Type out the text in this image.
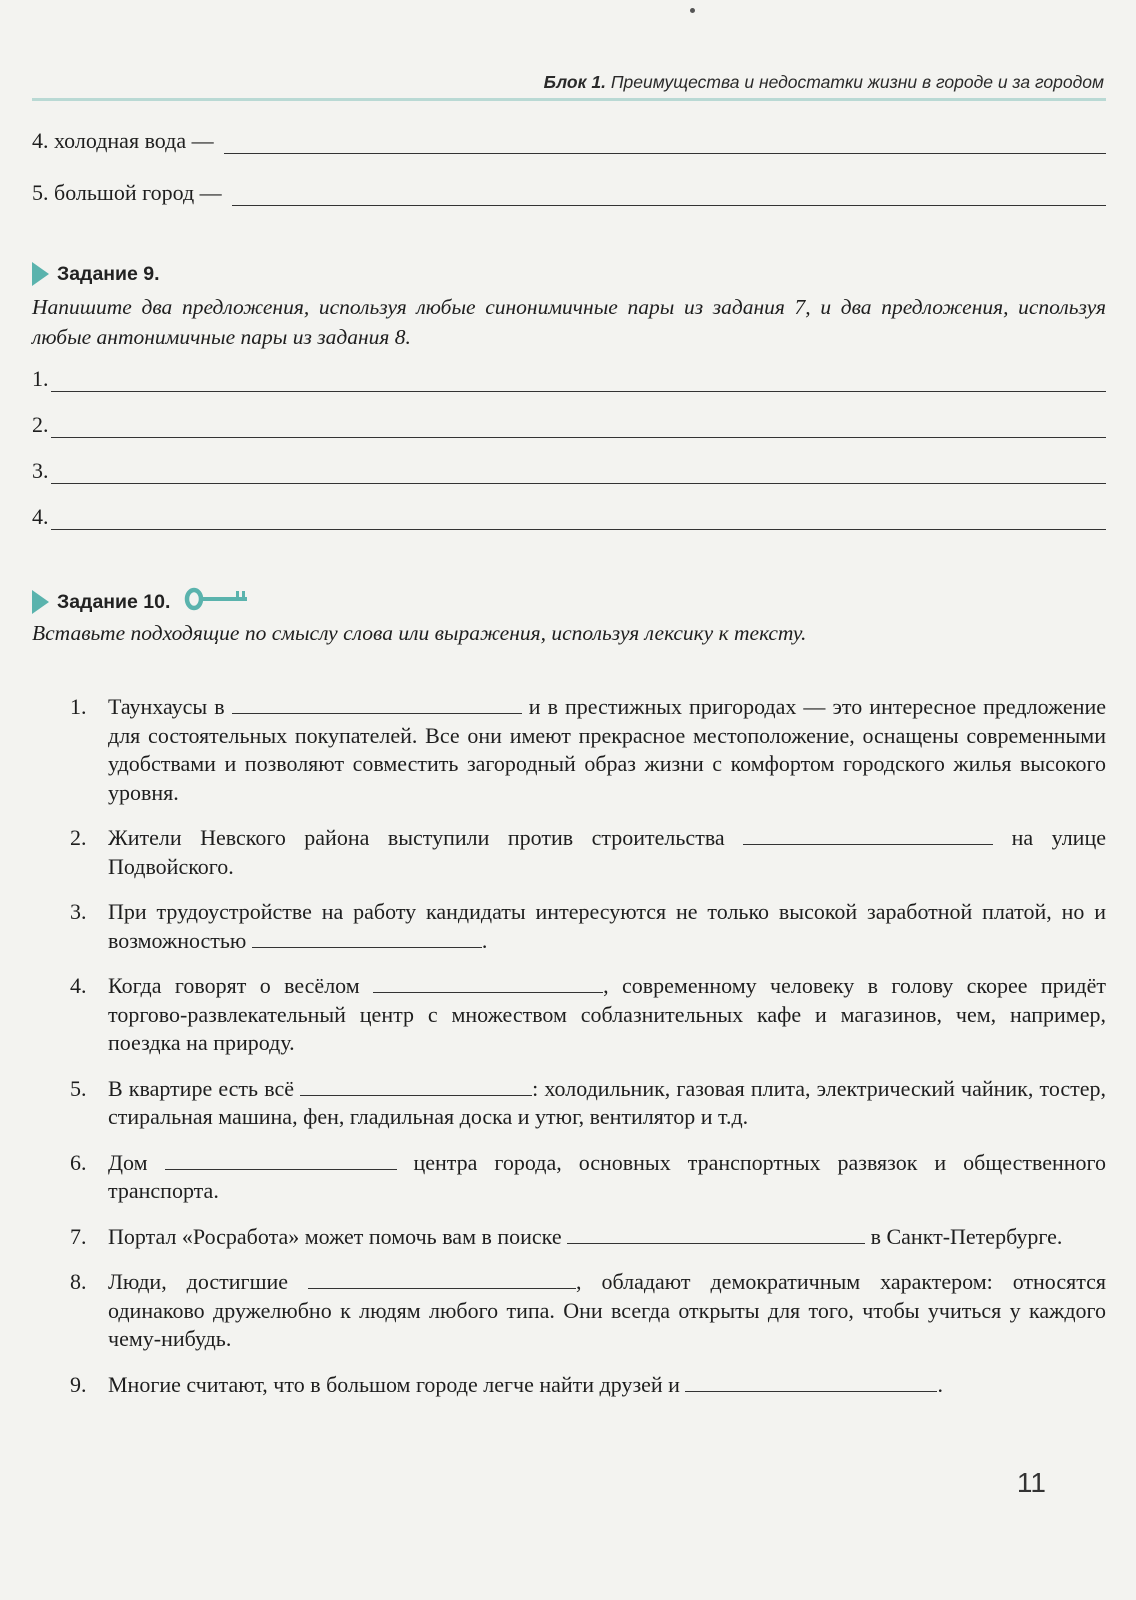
Блок 1. Преимущества и недостатки жизни в городе и за городом
4. холодная вода —
5. большой город —
Задание 9.
Напишите два предложения, используя любые синонимичные пары из задания 7, и два предложения, используя любые антонимичные пары из задания 8.
1.
2.
3.
4.
Задание 10.
Вставьте подходящие по смыслу слова или выражения, используя лексику к тексту.
1. Таунхаусы в	и в престижных пригородах — это интересное предложение для состоятельных покупателей. Все они имеют прекрасное местоположение, оснащены современными удобствами и позволяют совместить загородный образ жизни с комфортом городского жилья высокого уровня.
2. Жители Невского района выступили против строительства	на улице Подвойского.
3. При трудоустройстве на работу кандидаты интересуются не только высокой заработной платой, но и возможностью	.
4. Когда говорят о весёлом	, современному человеку в голову скорее придёт торгово-развлекательный центр с множеством соблазнительных кафе и магазинов, чем, например, поездка на природу.
5. В квартире есть всё	: холодильник, газовая плита, электрический чайник, тостер, стиральная машина, фен, гладильная доска и утюг, вентилятор и т.д.
6. Дом	центра города, основных транспортных развязок и общественного транспорта.
7. Портал «Росработа» может помочь вам в поиске	в Санкт-Петербурге.
8. Люди, достигшие	, обладают демократичным характером: относятся одинаково дружелюбно к людям любого типа. Они всегда открыты для того, чтобы учиться у каждого чему-нибудь.
9. Многие считают, что в большом городе легче найти друзей и	.
11
